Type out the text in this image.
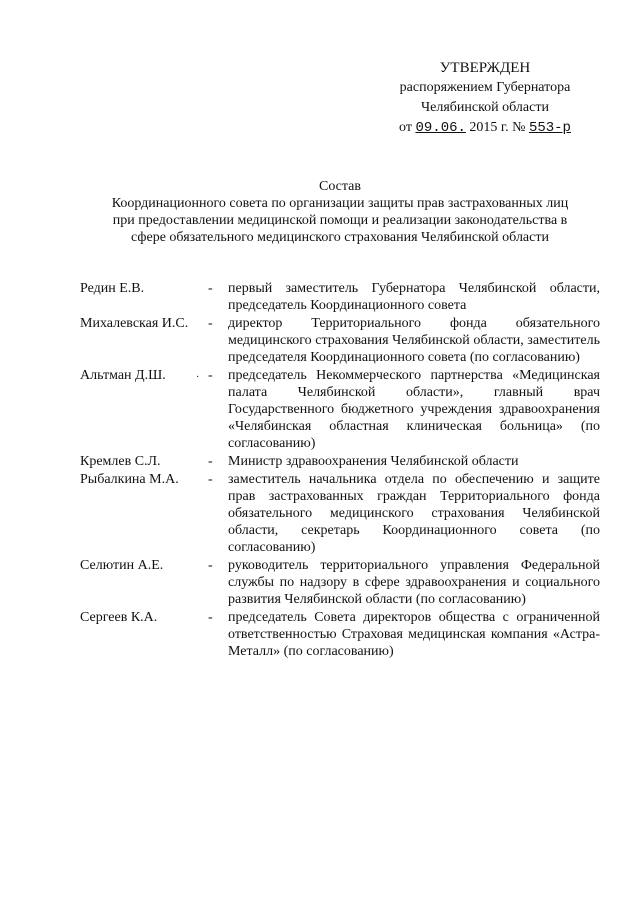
УТВЕРЖДЕН
распоряжением Губернатора
Челябинской области
от 09.06. 2015 г. № 553-р
Состав
Координационного совета по организации защиты прав застрахованных лиц
при предоставлении медицинской помощи и реализации законодательства в
сфере обязательного медицинского страхования Челябинской области
Редин Е.В.	-	первый заместитель Губернатора Челябинской области, председатель Координационного совета
Михалевская И.С.	-	директор Территориального фонда обязательного медицинского страхования Челябинской области, заместитель председателя Координационного совета (по согласованию)
Альтман Д.Ш.	-	председатель Некоммерческого партнерства «Медицинская палата Челябинской области», главный врач Государственного бюджетного учреждения здравоохранения «Челябинская областная клиническая больница» (по согласованию)
Кремлев С.Л.	-	Министр здравоохранения Челябинской области
Рыбалкина М.А.	-	заместитель начальника отдела по обеспечению и защите прав застрахованных граждан Территориального фонда обязательного медицинского страхования Челябинской области, секретарь Координационного совета (по согласованию)
Селютин А.Е.	-	руководитель территориального управления Федеральной службы по надзору в сфере здравоохранения и социального развития Челябинской области (по согласованию)
Сергеев К.А.	-	председатель Совета директоров общества с ограниченной ответственностью Страховая медицинская компания «Астра-Металл» (по согласованию)
·
